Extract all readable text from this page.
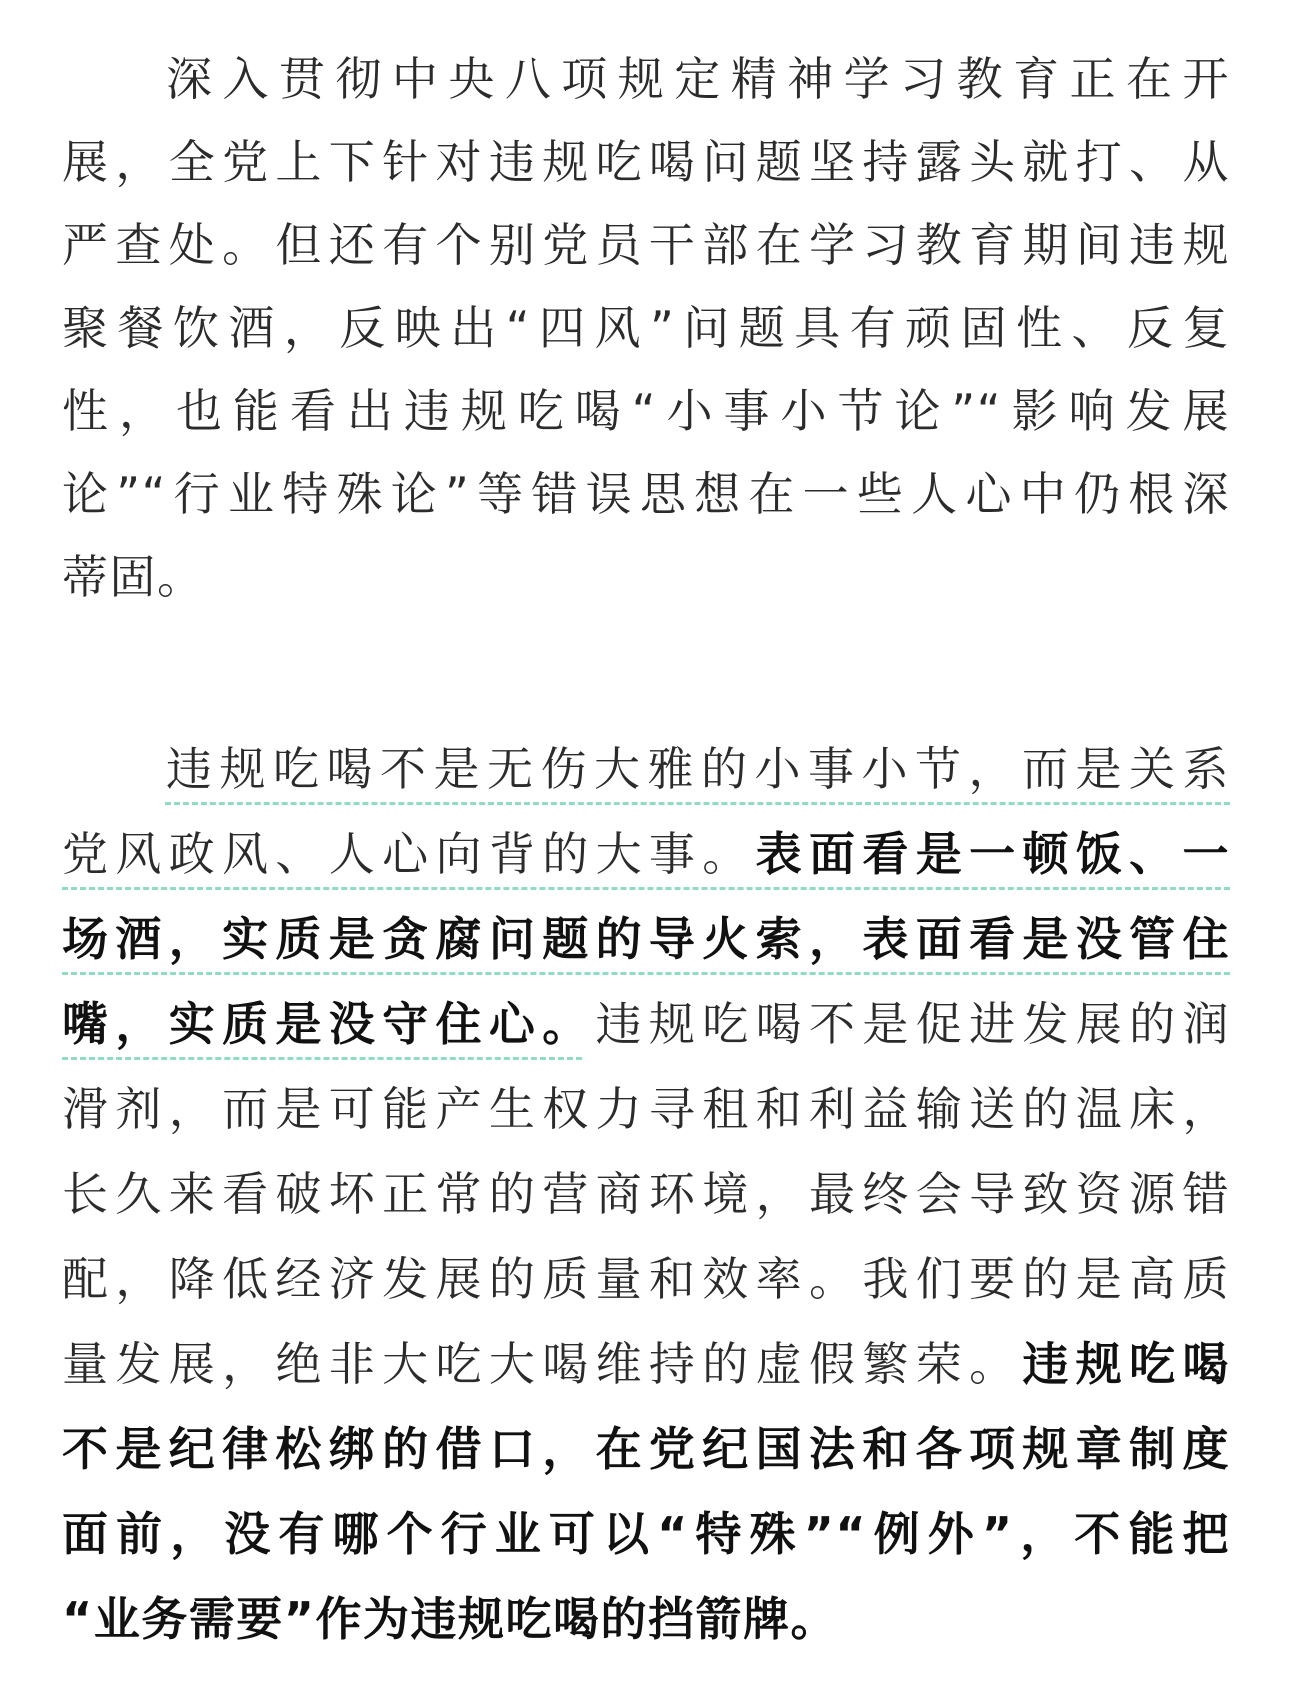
深入贯彻中央八项规定精神学习教育正在开
展，全党上下针对违规吃喝问题坚持露头就打、从
严查处。但还有个别党员干部在学习教育期间违规
聚餐饮酒，反映出“四风”问题具有顽固性、反复
性，也能看出违规吃喝“小事小节论”“影响发展
论”“行业特殊论”等错误思想在一些人心中仍根深
蒂固。
违规吃喝不是无伤大雅的小事小节，而是关系
党风政风、人心向背的大事。表面看是一顿饭、一
场酒，实质是贪腐问题的导火索，表面看是没管住
嘴，实质是没守住心。违规吃喝不是促进发展的润
滑剂，而是可能产生权力寻租和利益输送的温床，
长久来看破坏正常的营商环境，最终会导致资源错
配，降低经济发展的质量和效率。我们要的是高质
量发展，绝非大吃大喝维持的虚假繁荣。违规吃喝
不是纪律松绑的借口，在党纪国法和各项规章制度
面前，没有哪个行业可以“特殊”“例外”，不能把
“业务需要”作为违规吃喝的挡箭牌。
